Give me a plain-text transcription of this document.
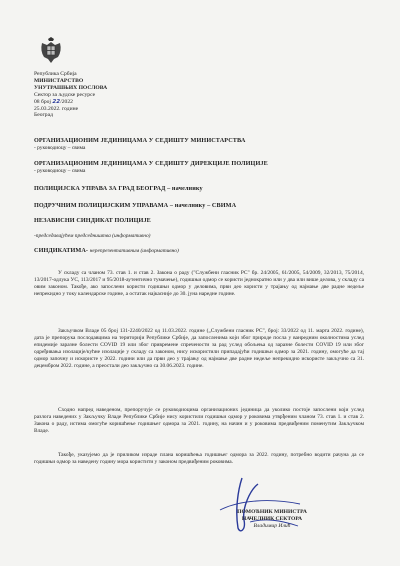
Република Србија
МИНИСТАРСТВО
УНУТРАШЊИХ ПОСЛОВА
Сектор за људске ресурсе
08 број 22/2022
25.03.2022. године
Београд
ОРГАНИЗАЦИОНИМ ЈЕДИНИЦАМА У СЕДИШТУ МИНИСТАРСТВА
- руководиоцу – свима
ОРГАНИЗАЦИОНИМ ЈЕДИНИЦАМА У СЕДИШТУ ДИРЕКЦИЈЕ ПОЛИЦИЈЕ
- руководиоцу – свима
ПОЛИЦИЈСКА УПРАВА ЗА ГРАД БЕОГРАД – начелнику
ПОДРУЧНИМ ПОЛИЦИЈСКИМ УПРАВАМА – начелнику – СВИМА
НЕЗАВИСНИ СИНДИКАТ ПОЛИЦИЈЕ
-председавајућем председништва (информативно)
СИНДИКАТИМА- нерепрезентативним (информативно)

У складу са чланом 73. став 1. и став 2. Закона о раду ("Службени гласник РС" бр. 24/2005, 61/2005, 54/2009, 32/2013, 75/2014, 13/2017-одлука УС, 113/2017 и 95/2018-аутентично тумачење), годишњи одмор се користи једнократно или у два или више делова, у складу са овим законом. Такође, ако запослени користи годишњи одмор у деловима, први део користи у трајању од најмање две радне недеље непрекидно у току календарске године, а остатак најкасније до 30. јуна наредне године.

Закључком Владе 05 број 131-2240/2022 од 11.03.2022. године („Службени гласник РС", број: 33/2022 од 11. марта 2022. године), дата је препорука послодавцима на територији Републике Србије, да запосленима који због природе посла у ванредним околностима услед епидемије заразне болести COVID 19 или због привремене спречености за рад услед обољења од заразне болести COVID 19 или због одређивања изолације/кућне изолације у складу са законом, нису искористили припадајући годишњи одмор за 2021. годину, омогуће да тај одмор започну и искористе у 2022. години или да први део у трајању од најмање две радне недеље непрекидно искористе закључно са 31. децембром 2022. године, а преостали део закључно са 30.06.2023. године.

Сходно напред наведеном, препоручује се руководиоцима организационих јединица да уколико постоје запослени који услед разлога наведених у Закључку Владе Републике Србије нису користили годишњи одмор у роковима утврђеним чланом 73. став 1. и став 2. Закона о раду, истима омогуће коришћење годишњег одмора за 2021. годину, на начин и у роковима предвиђеним поменутим Закључком Владе.

Такође, указујемо да је приликом израде плана коришћења годишњег одмора за 2022. годину, потребно водити рачуна да се годишњи одмор за наведену годину мора користити у законом предвиђеним роковима.

ПОМОЋНИК МИНИСТРА
НАЧЕЛНИК СЕКТОРА
Владимир Илић
